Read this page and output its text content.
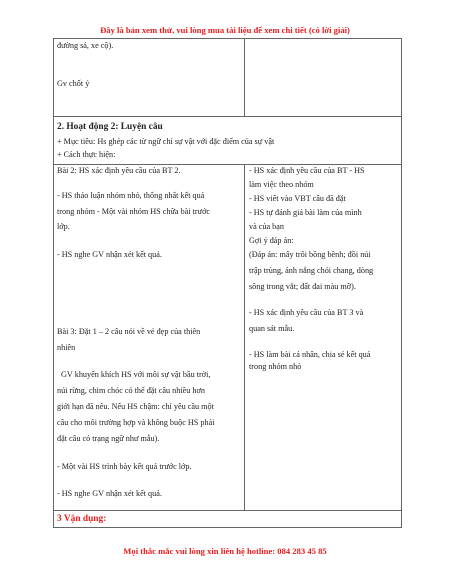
Đây là bản xem thử, vui lòng mua tài liệu để xem chi tiết (có lời giải)
đường sá, xe cộ).
Gv chốt ý
2. Hoạt động 2: Luyện câu
+ Mục tiêu: Hs ghép các từ ngữ chỉ sự vật với đặc điểm của sự vật
+ Cách thực hiện:
Bài 2: HS xác định yêu cầu của BT 2.
- HS thảo luận nhóm nhỏ, thống nhất kết quả
trong nhóm - Một vài nhóm HS chữa bài trước
lớp.
- HS nghe GV nhận xét kết quả.
Bài 3: Đặt 1 – 2 câu nói về vẻ đẹp của thiên
nhiên
GV khuyến khích HS với môi sự vật bầu trời,
núi rừng, chim chóc có thể đặt câu nhiều hơn
giới hạn đã nêu. Nếu HS chậm: chỉ yêu cầu một
câu cho môi trường hợp và không buộc HS phải
đặt câu có trạng ngữ như mẫu).
- Một vài HS trình bày kết quả trước lớp.
- HS nghe GV nhận xét kết quả.
- HS xác định yêu cầu của BT - HS
làm việc theo nhóm
- HS viết vào VBT câu đã đặt
- HS tự đánh giá bài làm của mình
và của bạn
Gợi ý đáp án:
(Đáp án: mây trôi bồng bềnh; đồi núi
trập trùng, ánh nắng chói chang, dòng
sông trong vắt; đất đai màu mỡ).
- HS xác định yêu cầu của BT 3 và
quan sát mẫu.
- HS làm bài cá nhân, chia sẻ kết quả
trong nhóm nhỏ
3 Vận dụng:
Mọi thắc mắc vui lòng xin liên hệ hotline: 084 283 45 85
